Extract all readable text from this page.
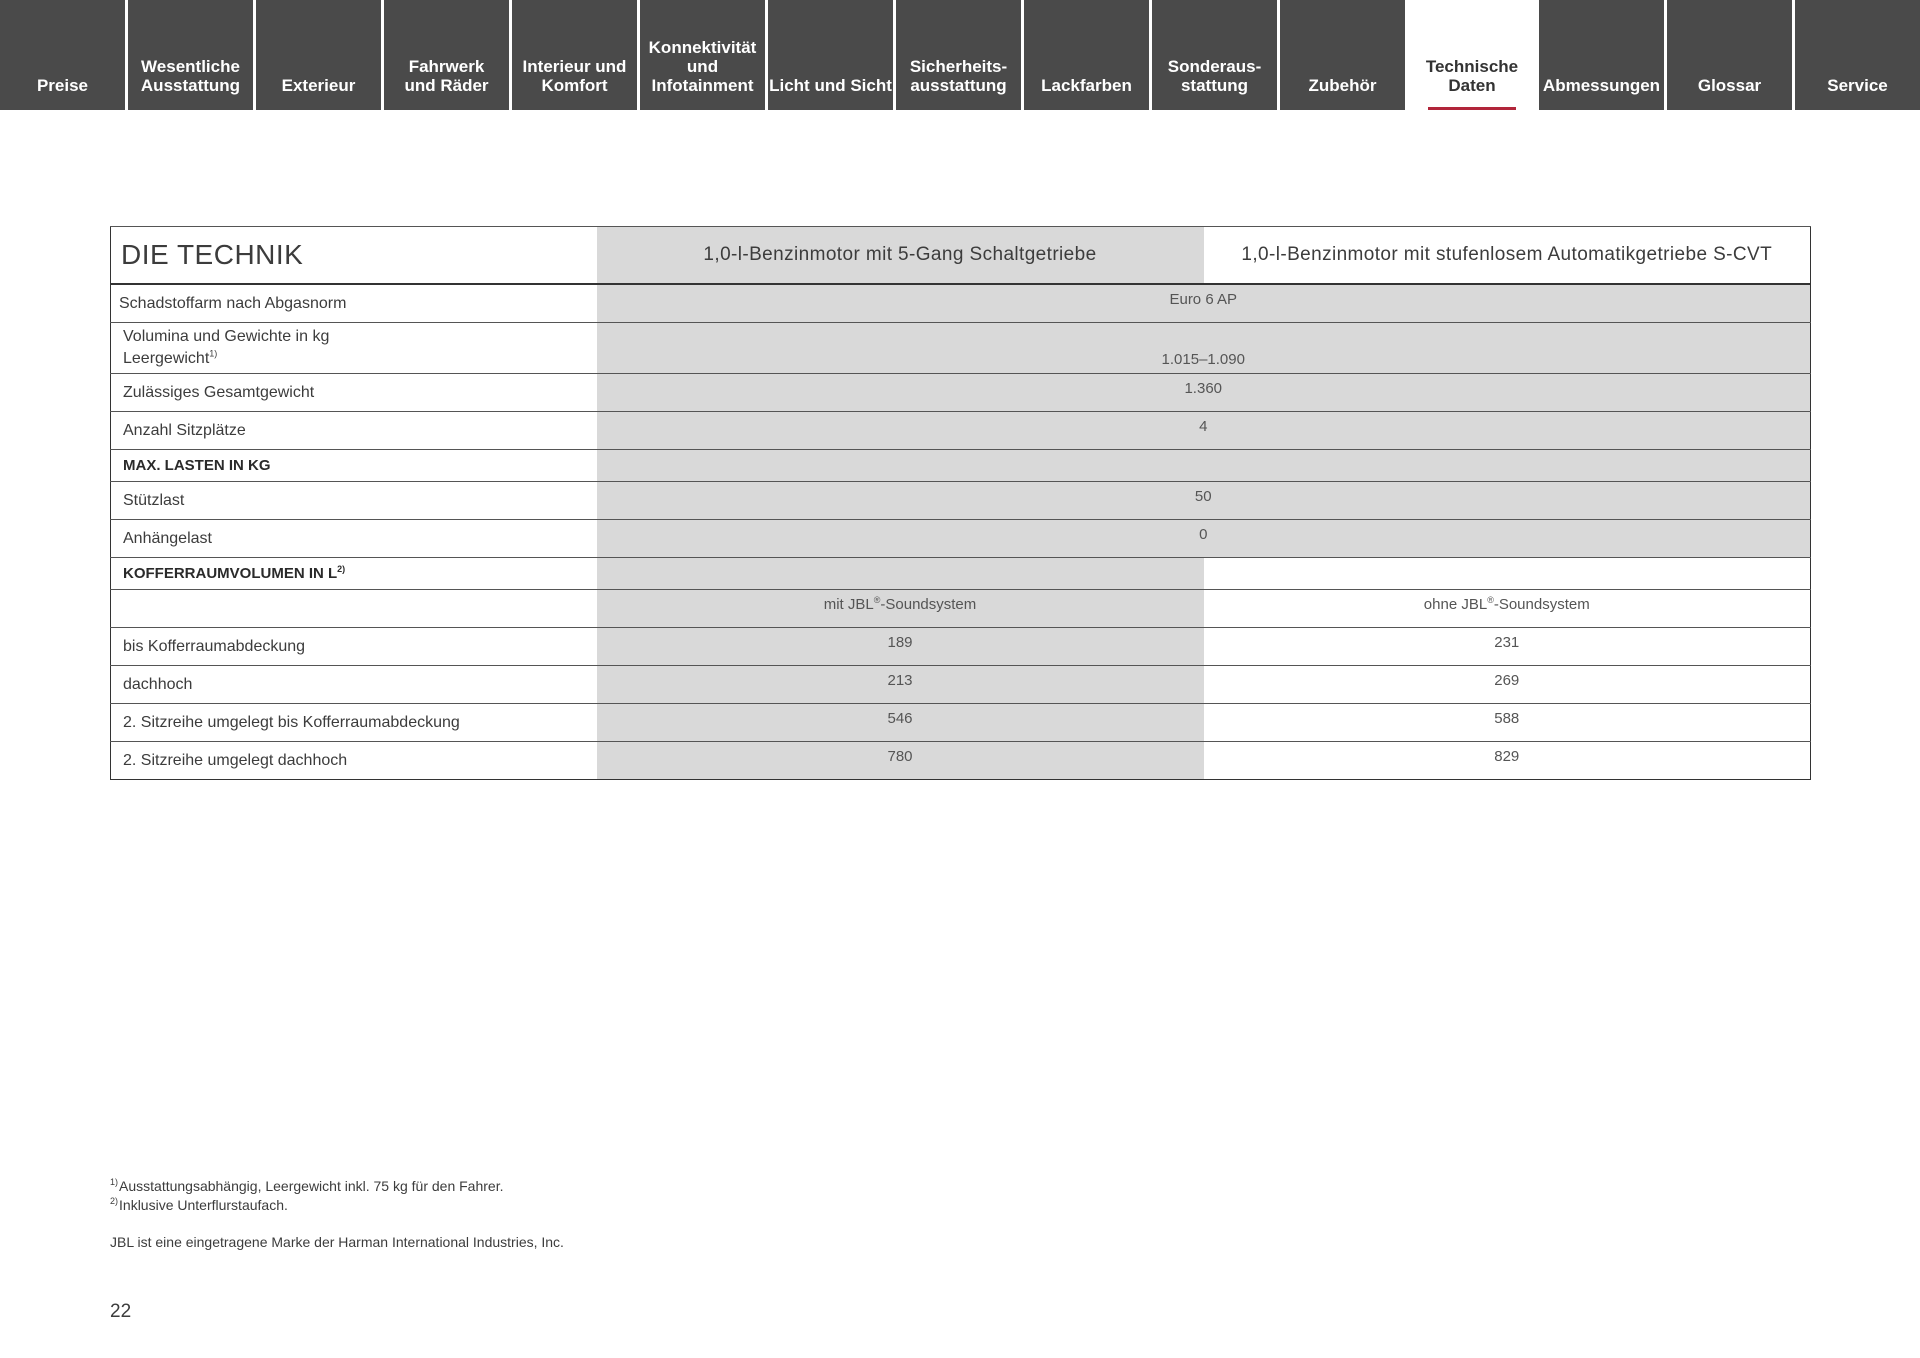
Preise
Wesentliche
Ausstattung Exterieur
Fahrwerk
und Räder
Interieur und
Komfort
Konnektivität
und
Infotainment Licht und Sicht
Sicherheits-
ausstattung Lackfarben
Sonderaus-
stattung	Zubehör
Technische
Daten	Abmessungen Glossar	Service
DIE TECHNIK	1,0-l-Benzinmotor mit 5-Gang Schaltgetriebe	1,0-l-Benzinmotor mit stufenlosem Automatikgetriebe S-CVT
Schadstoffarm nach Abgasnorm	Euro 6 AP	

Volumina und Gewichte in kg
Leergewicht$^{1)}$	1.015–1.090	
Zulässiges Gesamtgewicht	1.360	
Anzahl Sitzplätze	4	
MAX. LASTEN IN KG		
Stützlast	50	
Anhängelast	0	
KOFFERRAUMVOLUMEN IN $L^{2)}$		
	mit JBL®-Soundsystem	ohne JBL®-Soundsystem
bis Kofferraumabdeckung	189	231
dachhoch	213	269
2. Sitzreihe umgelegt bis Kofferraumabdeckung	546	588
2. Sitzreihe umgelegt dachhoch	780	829
$^{1)}$Ausstattungsabhängig, Leergewicht inkl. 75 kg für den Fahrer.
$^{2)}$Inklusive Unterflurstaufach.
JBL ist eine eingetragene Marke der Harman International Industries, Inc.
22
